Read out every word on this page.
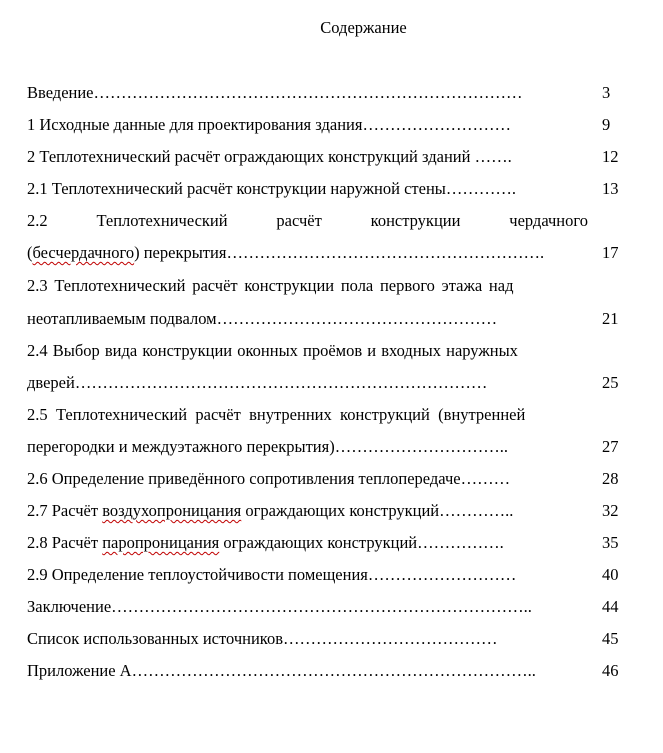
Содержание
Введение……………………………………………………………………	3
1 Исходные данные для проектирования здания………………………	9
2 Теплотехнический расчёт ограждающих конструкций зданий …….	12
2.1 Теплотехнический расчёт конструкции наружной стены………….	13
2.2	Теплотехнический	расчёт	конструкции	чердачного
(бесчердачного) перекрытия………………………………………………….	17
2.3 Теплотехнический расчёт конструкции пола первого этажа над
неотапливаемым подвалом……………………………………………	21
2.4 Выбор вида конструкции оконных проёмов и входных наружных
дверей…………………………………………………………………	25
2.5 Теплотехнический расчёт внутренних конструкций (внутренней
перегородки и междуэтажного перекрытия)…………………………..	27
2.6 Определение приведённого сопротивления теплопередаче………	28
2.7 Расчёт воздухопроницания ограждающих конструкций…………..	32
2.8 Расчёт паропроницания ограждающих конструкций…………….	35
2.9 Определение теплоустойчивости помещения………………………	40
Заключение…………………………………………………………………..	44
Список использованных источников…………………………………	45
Приложение А………………………………………………………………..	46
